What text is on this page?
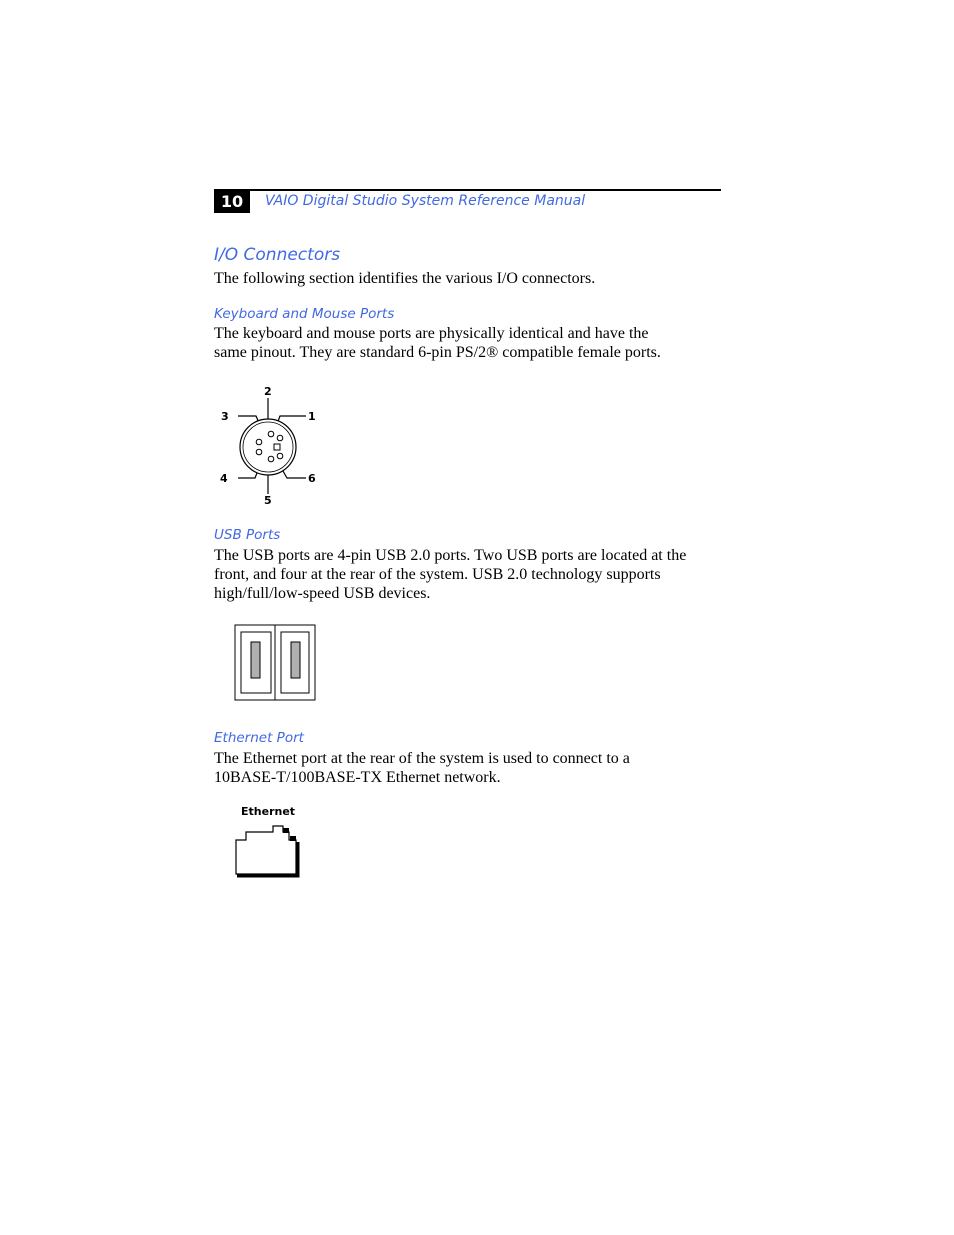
10	VAIO Digital Studio System Reference Manual
I/O Connectors

The following section identifies the various I/O connectors.

Keyboard and Mouse Ports

The keyboard and mouse ports are physically identical and have the
same pinout. They are standard 6-pin PS/2® compatible female ports.

2
1
3
4	6
5
USB Ports

The USB ports are 4-pin USB 2.0 ports. Two USB ports are located at the
front, and four at the rear of the system. USB 2.0 technology supports
high/full/low-speed USB devices.

Ethernet Port

The Ethernet port at the rear of the system is used to connect to a
10BASE-T/100BASE-TX Ethernet network.

Ethernet
